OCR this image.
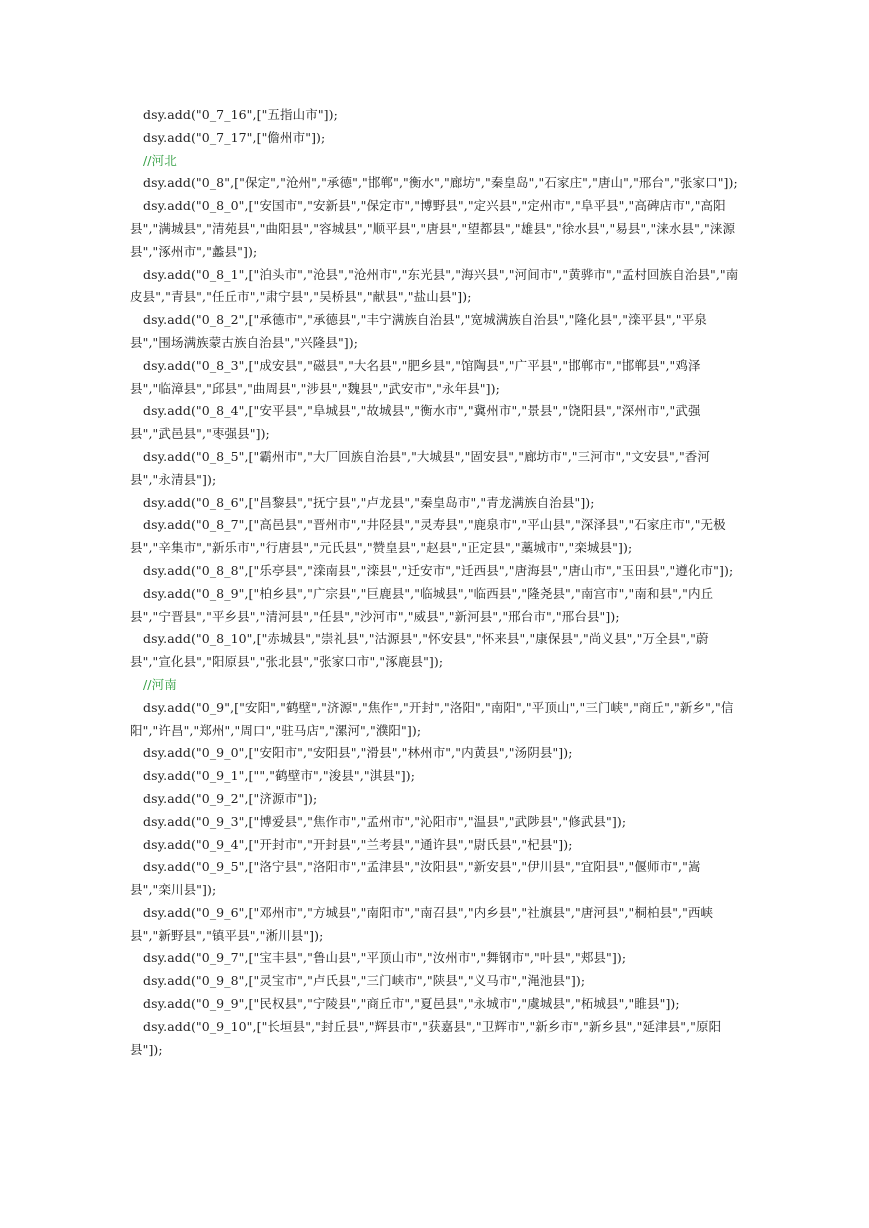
dsy.add("0_7_16",["五指山市"]);
dsy.add("0_7_17",["儋州市"]);
//河北
dsy.add("0_8",["保定","沧州","承德","邯郸","衡水","廊坊","秦皇岛","石家庄","唐山","邢台","张家口"]);
dsy.add("0_8_0",["安国市","安新县","保定市","博野县","定兴县","定州市","阜平县","高碑店市","高阳县","满城县","清苑县","曲阳县","容城县","顺平县","唐县","望都县","雄县","徐水县","易县","涞水县","涞源县","涿州市","蠡县"]);
dsy.add("0_8_1",["泊头市","沧县","沧州市","东光县","海兴县","河间市","黄骅市","孟村回族自治县","南皮县","青县","任丘市","肃宁县","吴桥县","献县","盐山县"]);
dsy.add("0_8_2",["承德市","承德县","丰宁满族自治县","宽城满族自治县","隆化县","滦平县","平泉县","围场满族蒙古族自治县","兴隆县"]);
dsy.add("0_8_3",["成安县","磁县","大名县","肥乡县","馆陶县","广平县","邯郸市","邯郸县","鸡泽县","临漳县","邱县","曲周县","涉县","魏县","武安市","永年县"]);
dsy.add("0_8_4",["安平县","阜城县","故城县","衡水市","冀州市","景县","饶阳县","深州市","武强县","武邑县","枣强县"]);
dsy.add("0_8_5",["霸州市","大厂回族自治县","大城县","固安县","廊坊市","三河市","文安县","香河县","永清县"]);
dsy.add("0_8_6",["昌黎县","抚宁县","卢龙县","秦皇岛市","青龙满族自治县"]);
dsy.add("0_8_7",["高邑县","晋州市","井陉县","灵寿县","鹿泉市","平山县","深泽县","石家庄市","无极县","辛集市","新乐市","行唐县","元氏县","赞皇县","赵县","正定县","藁城市","栾城县"]);
dsy.add("0_8_8",["乐亭县","滦南县","滦县","迁安市","迁西县","唐海县","唐山市","玉田县","遵化市"]);
dsy.add("0_8_9",["柏乡县","广宗县","巨鹿县","临城县","临西县","隆尧县","南宫市","南和县","内丘县","宁晋县","平乡县","清河县","任县","沙河市","威县","新河县","邢台市","邢台县"]);
dsy.add("0_8_10",["赤城县","崇礼县","沽源县","怀安县","怀来县","康保县","尚义县","万全县","蔚县","宣化县","阳原县","张北县","张家口市","涿鹿县"]);
//河南
dsy.add("0_9",["安阳","鹤壁","济源","焦作","开封","洛阳","南阳","平顶山","三门峡","商丘","新乡","信阳","许昌","郑州","周口","驻马店","漯河","濮阳"]);
dsy.add("0_9_0",["安阳市","安阳县","滑县","林州市","内黄县","汤阴县"]);
dsy.add("0_9_1",["","鹤壁市","浚县","淇县"]);
dsy.add("0_9_2",["济源市"]);
dsy.add("0_9_3",["博爱县","焦作市","孟州市","沁阳市","温县","武陟县","修武县"]);
dsy.add("0_9_4",["开封市","开封县","兰考县","通许县","尉氏县","杞县"]);
dsy.add("0_9_5",["洛宁县","洛阳市","孟津县","汝阳县","新安县","伊川县","宜阳县","偃师市","嵩县","栾川县"]);
dsy.add("0_9_6",["邓州市","方城县","南阳市","南召县","内乡县","社旗县","唐河县","桐柏县","西峡县","新野县","镇平县","淅川县"]);
dsy.add("0_9_7",["宝丰县","鲁山县","平顶山市","汝州市","舞钢市","叶县","郏县"]);
dsy.add("0_9_8",["灵宝市","卢氏县","三门峡市","陕县","义马市","渑池县"]);
dsy.add("0_9_9",["民权县","宁陵县","商丘市","夏邑县","永城市","虞城县","柘城县","睢县"]);
dsy.add("0_9_10",["长垣县","封丘县","辉县市","获嘉县","卫辉市","新乡市","新乡县","延津县","原阳县"]);
